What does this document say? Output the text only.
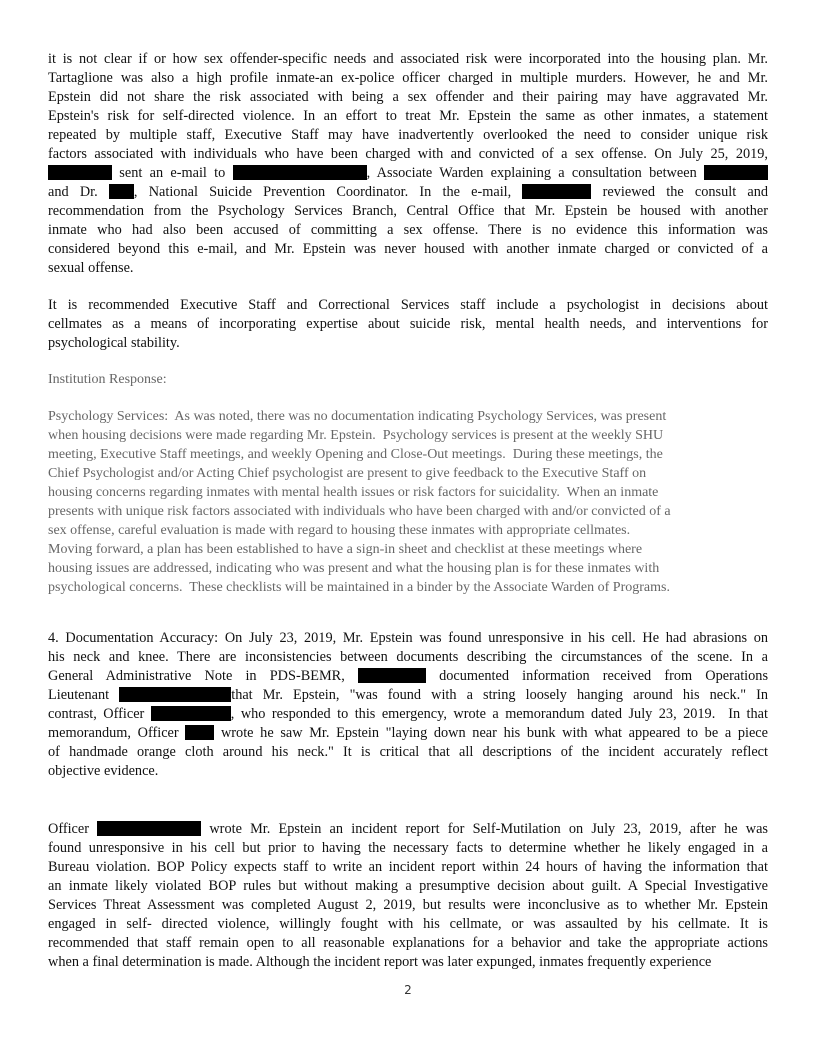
it is not clear if or how sex offender-specific needs and associated risk were incorporated into the housing plan. Mr.
Tartaglione was also a high profile inmate-an ex-police officer charged in multiple murders. However, he and Mr.
Epstein did not share the risk associated with being a sex offender and their pairing may have aggravated Mr.
Epstein's risk for self-directed violence. In an effort to treat Mr. Epstein the same as other inmates, a statement
repeated by multiple staff, Executive Staff may have inadvertently overlooked the need to consider unique risk
factors associated with individuals who have been charged with and convicted of a sex offense. On July 25, 2019,
sent an e-mail to	, Associate Warden explaining a consultation between
and Dr.	, National Suicide Prevention Coordinator. In the e-mail,	reviewed the consult and
recommendation from the Psychology Services Branch, Central Office that Mr. Epstein be housed with another
inmate who had also been accused of committing a sex offense. There is no evidence this information was
considered beyond this e-mail, and Mr. Epstein was never housed with another inmate charged or convicted of a
sexual offense.
It is recommended Executive Staff and Correctional Services staff include a psychologist in decisions about
cellmates as a means of incorporating expertise about suicide risk, mental health needs, and interventions for
psychological stability.
Institution Response:
Psychology Services:  As was noted, there was no documentation indicating Psychology Services, was present
when housing decisions were made regarding Mr. Epstein.  Psychology services is present at the weekly SHU
meeting, Executive Staff meetings, and weekly Opening and Close-Out meetings.  During these meetings, the
Chief Psychologist and/or Acting Chief psychologist are present to give feedback to the Executive Staff on
housing concerns regarding inmates with mental health issues or risk factors for suicidality.  When an inmate
presents with unique risk factors associated with individuals who have been charged with and/or convicted of a
sex offense, careful evaluation is made with regard to housing these inmates with appropriate cellmates.
Moving forward, a plan has been established to have a sign-in sheet and checklist at these meetings where
housing issues are addressed, indicating who was present and what the housing plan is for these inmates with
psychological concerns.  These checklists will be maintained in a binder by the Associate Warden of Programs.
4. Documentation Accuracy: On July 23, 2019, Mr. Epstein was found unresponsive in his cell. He had abrasions on
his neck and knee. There are inconsistencies between documents describing the circumstances of the scene. In a
General Administrative Note in PDS-BEMR,	documented information received from Operations
Lieutenant	that Mr. Epstein, "was found with a string loosely hanging around his neck." In
contrast, Officer	, who responded to this emergency, wrote a memorandum dated July 23, 2019.  In that
memorandum, Officer	wrote he saw Mr. Epstein "laying down near his bunk with what appeared to be a piece
of handmade orange cloth around his neck." It is critical that all descriptions of the incident accurately reflect
objective evidence.
Officer	wrote Mr. Epstein an incident report for Self-Mutilation on July 23, 2019, after he was
found unresponsive in his cell but prior to having the necessary facts to determine whether he likely engaged in a
Bureau violation. BOP Policy expects staff to write an incident report within 24 hours of having the information that
an inmate likely violated BOP rules but without making a presumptive decision about guilt. A Special Investigative
Services Threat Assessment was completed August 2, 2019, but results were inconclusive as to whether Mr. Epstein
engaged in self- directed violence, willingly fought with his cellmate, or was assaulted by his cellmate. It is
recommended that staff remain open to all reasonable explanations for a behavior and take the appropriate actions
when a final determination is made. Although the incident report was later expunged, inmates frequently experience
2
